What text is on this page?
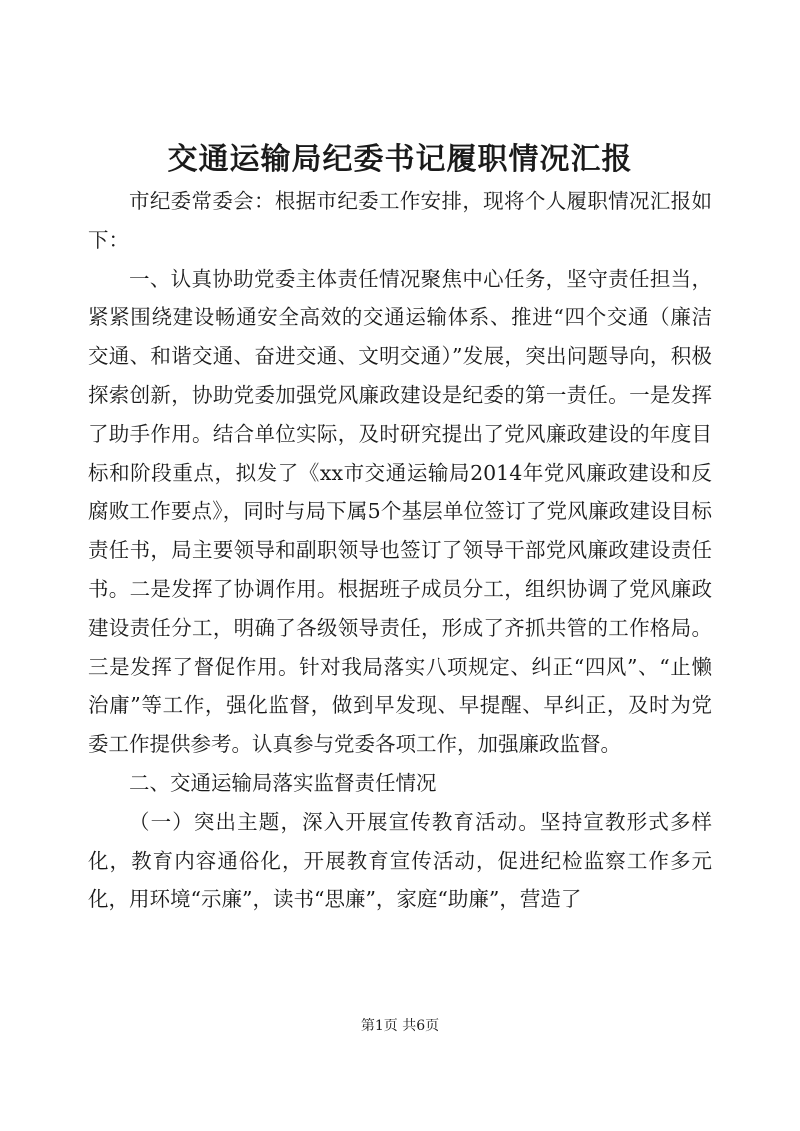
交通运输局纪委书记履职情况汇报

市纪委常委会：根据市纪委工作安排，现将个人履职情况汇报如下：

一、认真协助党委主体责任情况聚焦中心任务，坚守责任担当，紧紧围绕建设畅通安全高效的交通运输体系、推进“四个交通（廉洁交通、和谐交通、奋进交通、文明交通）”发展，突出问题导向，积极探索创新，协助党委加强党风廉政建设是纪委的第一责任。一是发挥了助手作用。结合单位实际，及时研究提出了党风廉政建设的年度目标和阶段重点，拟发了《xx市交通运输局2014年党风廉政建设和反腐败工作要点》，同时与局下属5个基层单位签订了党风廉政建设目标责任书，局主要领导和副职领导也签订了领导干部党风廉政建设责任书。二是发挥了协调作用。根据班子成员分工，组织协调了党风廉政建设责任分工，明确了各级领导责任，形成了齐抓共管的工作格局。三是发挥了督促作用。针对我局落实八项规定、纠正“四风”、“止懒治庸”等工作，强化监督，做到早发现、早提醒、早纠正，及时为党委工作提供参考。认真参与党委各项工作，加强廉政监督。

二、交通运输局落实监督责任情况

（一）突出主题，深入开展宣传教育活动。坚持宣教形式多样化，教育内容通俗化，开展教育宣传活动，促进纪检监察工作多元化，用环境“示廉”，读书“思廉”，家庭“助廉”，营造了

第1页 共6页
